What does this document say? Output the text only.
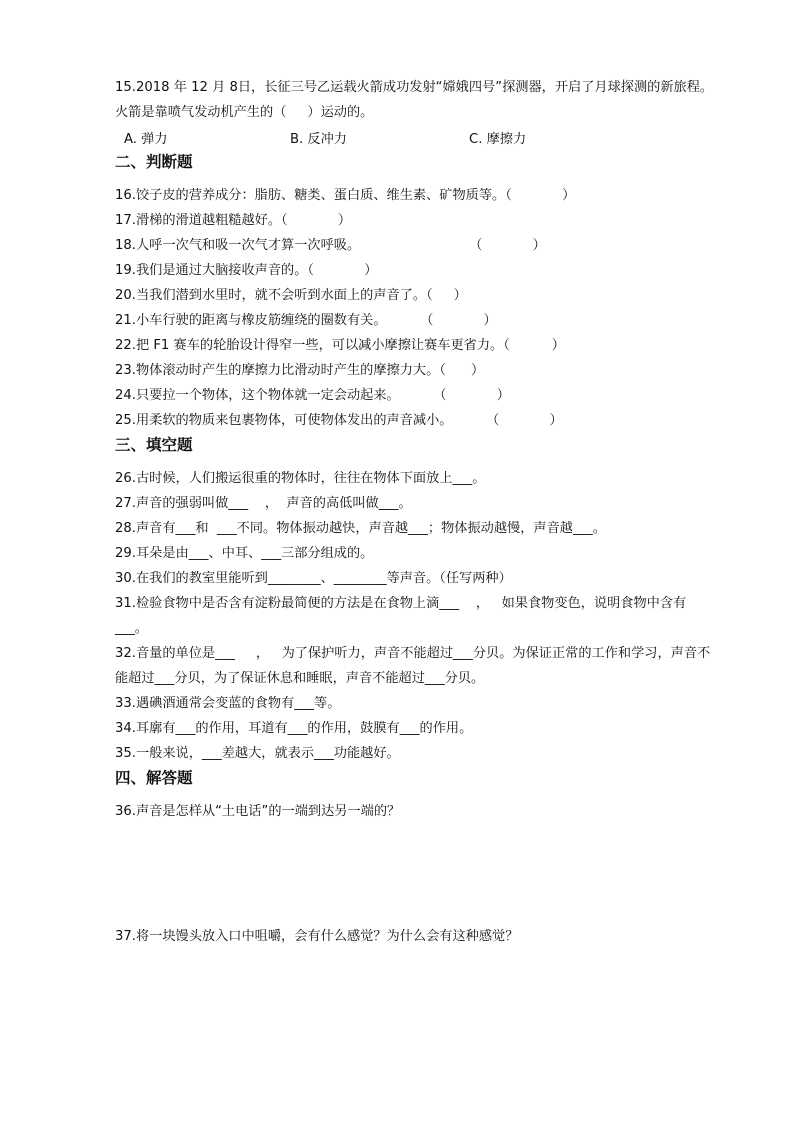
15.2018 年 12 月 8日，长征三号乙运载火箭成功发射“嫦娥四号”探测器，开启了月球探测的新旅程。
火箭是靠喷气发动机产生的（     ）运动的。
A. 弹力	B. 反冲力	C. 摩擦力
二、判断题
16.饺子皮的营养成分：脂肪、糖类、蛋白质、维生素、矿物质等。（            ）
17.滑梯的滑道越粗糙越好。（            ）
18.人呼一次气和吸一次气才算一次呼吸。                          （            ）
19.我们是通过大脑接收声音的。（            ）
20.当我们潜到水里时，就不会听到水面上的声音了。（     ）
21.小车行驶的距离与橡皮筋缠绕的圈数有关。        （            ）
22.把 F1 赛车的轮胎设计得窄一些，可以减小摩擦让赛车更省力。（          ）
23.物体滚动时产生的摩擦力比滑动时产生的摩擦力大。（      ）
24.只要拉一个物体，这个物体就一定会动起来。        （            ）
25.用柔软的物质来包裹物体，可使物体发出的声音减小。        （            ）
三、填空题
26.古时候，人们搬运很重的物体时，往往在物体下面放上___。
27.声音的强弱叫做___    ，  声音的高低叫做___。
28.声音有___和  ___不同。物体振动越快，声音越___；物体振动越慢，声音越___。
29.耳朵是由___、中耳、___三部分组成的。
30.在我们的教室里能听到________、________等声音。（任写两种）
31.检验食物中是否含有淀粉最简便的方法是在食物上滴___    ，   如果食物变色，说明食物中含有
___。
32.音量的单位是___     ，   为了保护听力，声音不能超过___分贝。为保证正常的工作和学习，声音不
能超过___分贝，为了保证休息和睡眠，声音不能超过___分贝。
33.遇碘酒通常会变蓝的食物有___等。
34.耳廓有___的作用，耳道有___的作用，鼓膜有___的作用。
35.一般来说，___差越大，就表示___功能越好。
四、解答题
36.声音是怎样从“土电话”的一端到达另一端的？
37.将一块馒头放入口中咀嚼，会有什么感觉？为什么会有这种感觉？
